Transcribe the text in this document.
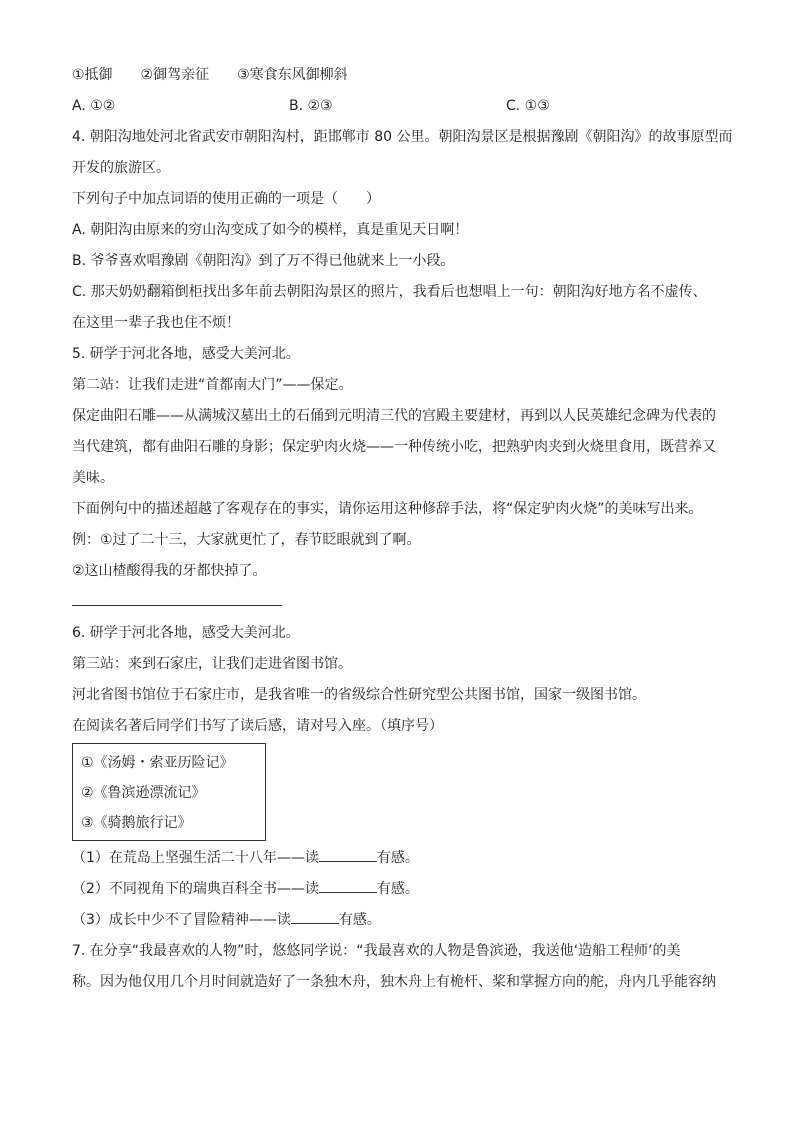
①抵御　　②御驾亲征　　③寒食东风御柳斜
A. ①②	B. ②③	C. ①③
4. 朝阳沟地处河北省武安市朝阳沟村，距邯郸市 80 公里。朝阳沟景区是根据豫剧《朝阳沟》的故事原型而
开发的旅游区。
下列句子中加点词语的使用正确的一项是（　　）
A. 朝阳沟由原来的穷山沟变成了如今的模样，真是重见天日啊！
B. 爷爷喜欢唱豫剧《朝阳沟》到了万不得已他就来上一小段。
C. 那天奶奶翻箱倒柜找出多年前去朝阳沟景区的照片，我看后也想唱上一句：朝阳沟好地方名不虚传、
在这里一辈子我也住不烦！
5. 研学于河北各地，感受大美河北。
第二站：让我们走进“首都南大门”——保定。
保定曲阳石雕——从满城汉墓出土的石俑到元明清三代的宫殿主要建材，再到以人民英雄纪念碑为代表的
当代建筑，都有曲阳石雕的身影；保定驴肉火烧——一种传统小吃，把熟驴肉夹到火烧里食用，既营养又
美味。
下面例句中的描述超越了客观存在的事实，请你运用这种修辞手法，将“保定驴肉火烧”的美味写出来。
例：①过了二十三，大家就更忙了，春节眨眼就到了啊。
②这山楂酸得我的牙都快掉了。
6. 研学于河北各地，感受大美河北。
第三站：来到石家庄，让我们走进省图书馆。
河北省图书馆位于石家庄市，是我省唯一的省级综合性研究型公共图书馆，国家一级图书馆。
在阅读名著后同学们书写了读后感，请对号入座。（填序号）
①《汤姆・索亚历险记》
②《鲁滨逊漂流记》
③《骑鹅旅行记》
（1）在荒岛上坚强生活二十八年——读	有感。
（2）不同视角下的瑞典百科全书——读	有感。
（3）成长中少不了冒险精神——读	有感。
7. 在分享“我最喜欢的人物”时，悠悠同学说：“我最喜欢的人物是鲁滨逊，我送他‘造船工程师’的美
称。因为他仅用几个月时间就造好了一条独木舟，独木舟上有桅杆、桨和掌握方向的舵，舟内几乎能容纳
